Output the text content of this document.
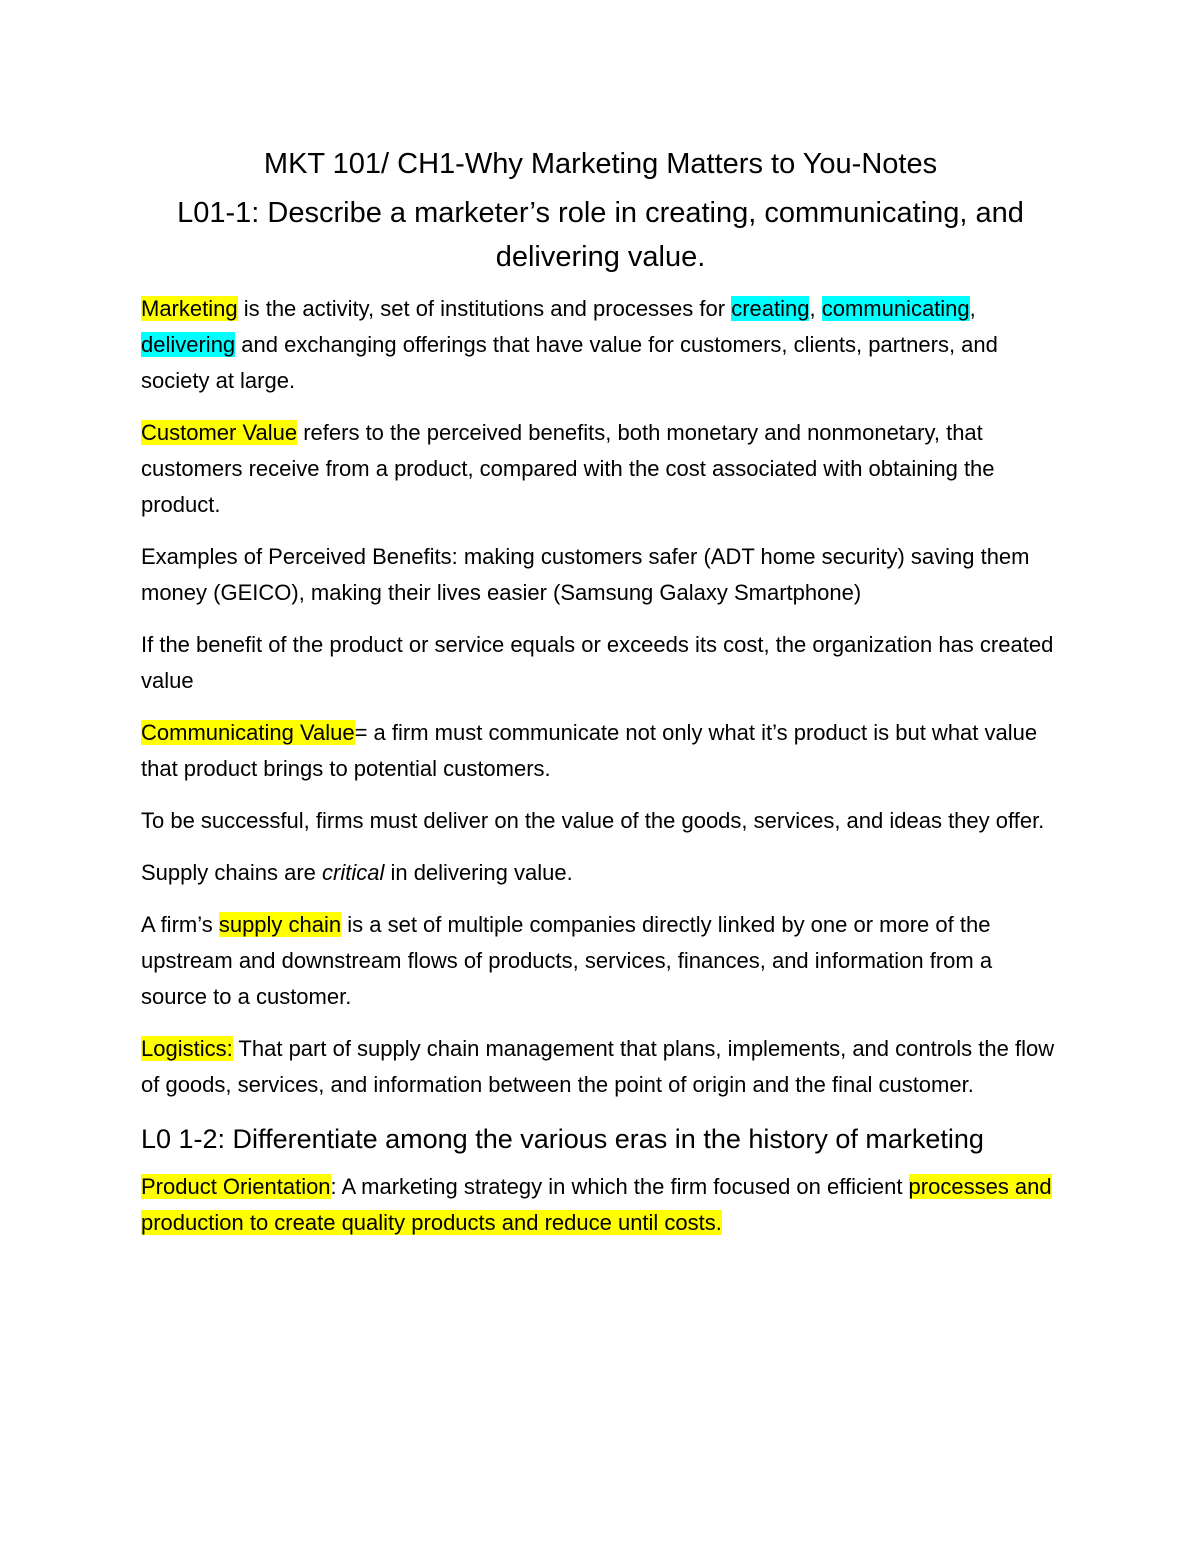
MKT 101/ CH1-Why Marketing Matters to You-Notes
L01-1: Describe a marketer’s role in creating, communicating, and delivering value.

Marketing is the activity, set of institutions and processes for creating, communicating, delivering and exchanging offerings that have value for customers, clients, partners, and society at large.

Customer Value refers to the perceived benefits, both monetary and nonmonetary, that customers receive from a product, compared with the cost associated with obtaining the product.

Examples of Perceived Benefits: making customers safer (ADT home security) saving them money (GEICO), making their lives easier (Samsung Galaxy Smartphone)

If the benefit of the product or service equals or exceeds its cost, the organization has created value

Communicating Value= a firm must communicate not only what it’s product is but what value that product brings to potential customers.

To be successful, firms must deliver on the value of the goods, services, and ideas they offer.

Supply chains are critical in delivering value.

A firm’s supply chain is a set of multiple companies directly linked by one or more of the upstream and downstream flows of products, services, finances, and information from a source to a customer.

Logistics: That part of supply chain management that plans, implements, and controls the flow of goods, services, and information between the point of origin and the final customer.

L0 1-2: Differentiate among the various eras in the history of marketing

Product Orientation: A marketing strategy in which the firm focused on efficient processes and production to create quality products and reduce until costs.
